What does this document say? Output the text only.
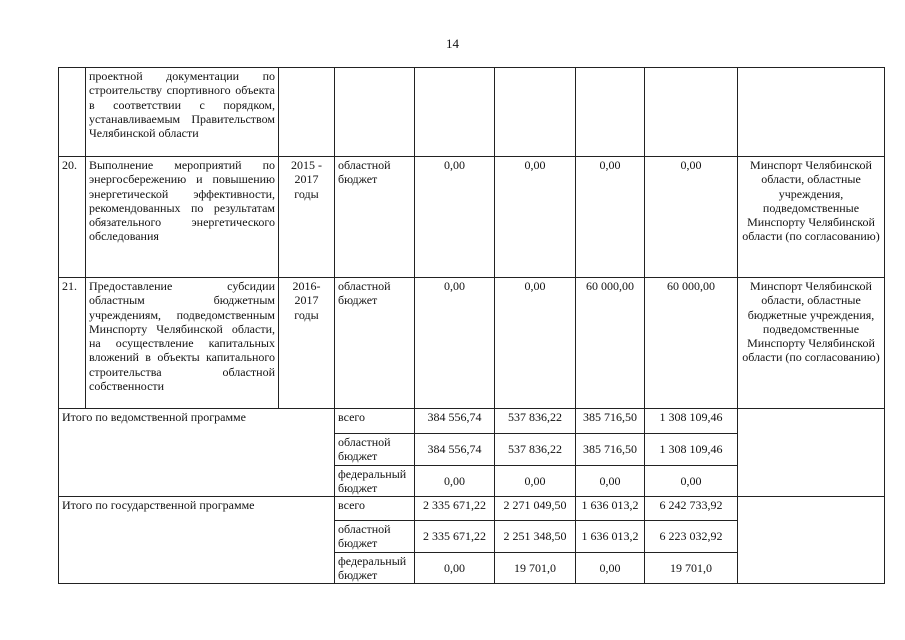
14
	проектной документации по строительству спортивного объекта в соответствии с порядком, устанавливаемым Правительством Челябинской области							
20.	Выполнение мероприятий по энергосбережению и повышению энергетической эффективности, рекомендованных по результатам обязательного энергетического обследования	2015 - 2017 годы	областной бюджет	0,00	0,00	0,00	0,00	Минспорт Челябинской области, областные учреждения, подведомственные Минспорту Челябинской области (по согласованию)
21.	Предоставление субсидии областным бюджетным учреждениям, подведомственным Минспорту Челябинской области, на осуществление капитальных вложений в объекты капитального строительства областной собственности	2016- 2017 годы	областной бюджет	0,00	0,00	60 000,00	60 000,00	Минспорт Челябинской области, областные бюджетные учреждения, подведомственные Минспорту Челябинской области (по согласованию)
Итого по ведомственной программе			всего	384 556,74	537 836,22	385 716,50	1 308 109,46	
			областной бюджет	384 556,74	537 836,22	385 716,50	1 308 109,46	
			федеральный бюджет	0,00	0,00	0,00	0,00	
Итого по государственной программе			всего	2 335 671,22	2 271 049,50	1 636 013,2	6 242 733,92	
			областной бюджет	2 335 671,22	2 251 348,50	1 636 013,2	6 223 032,92	
			федеральный бюджет	0,00	19 701,0	0,00	19 701,0	
